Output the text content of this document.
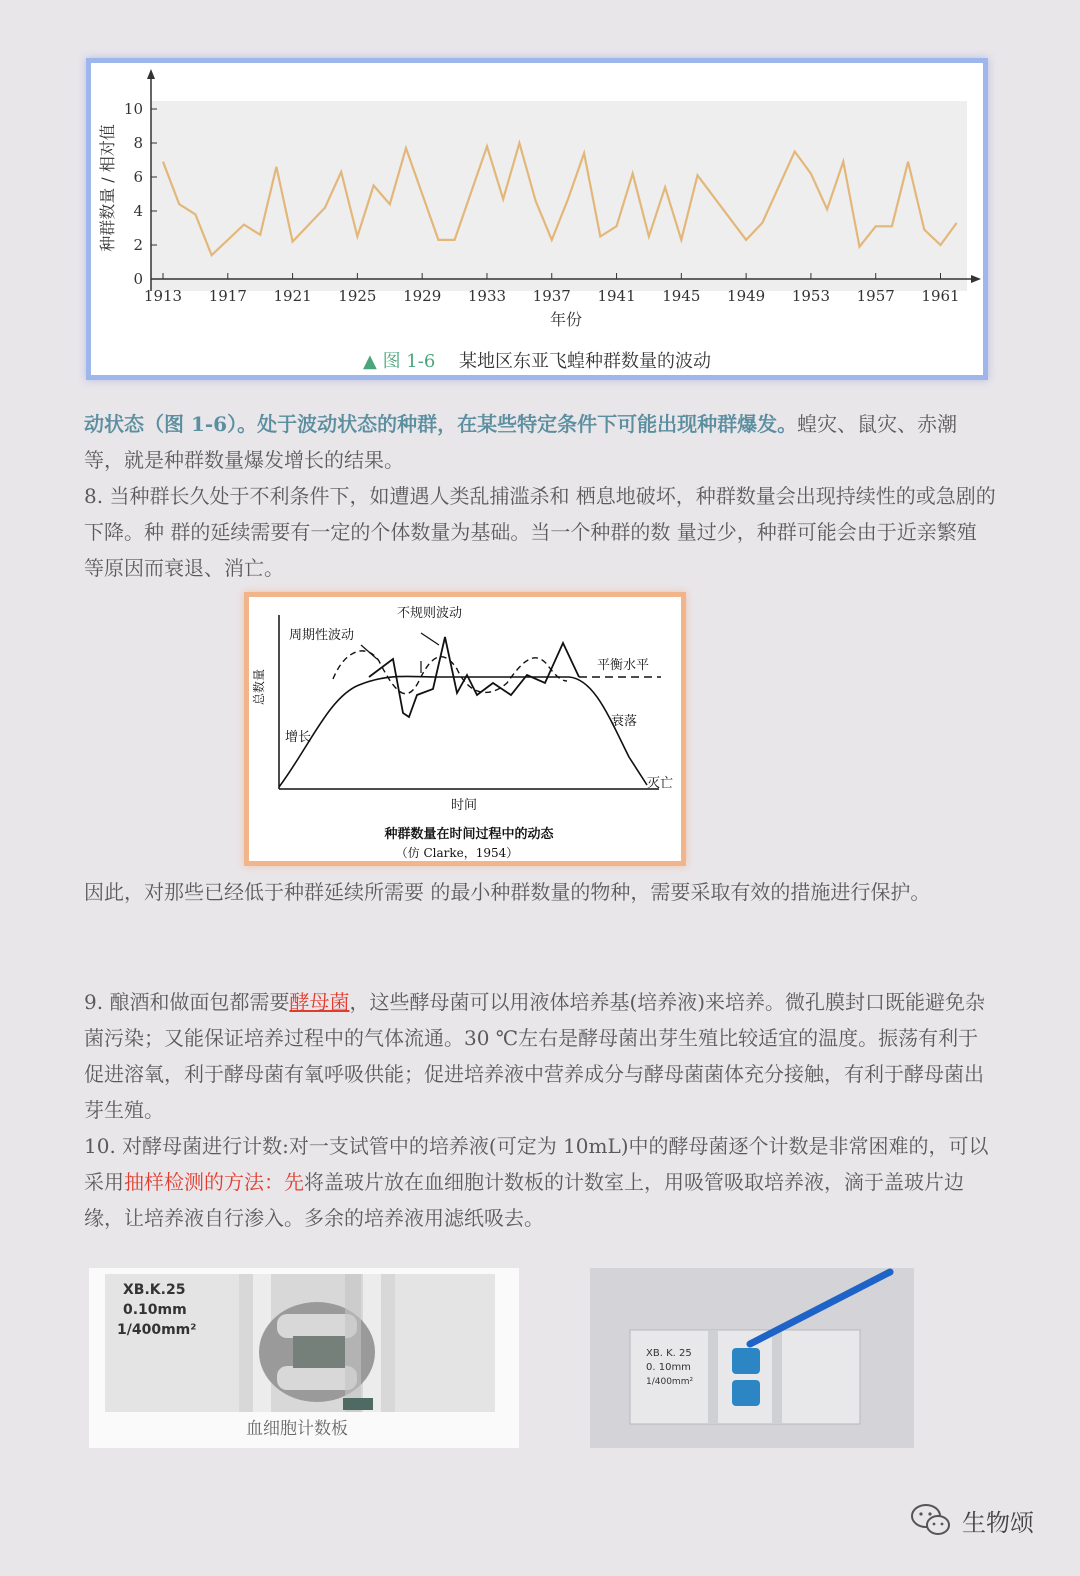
0
2
4
6
8
10
1913 1917 1921 1925 1929 1933 1937 1941 1945 1949 1953 1957 1961
种群数量 / 相对值
年份
▲ 图 1-6 某地区东亚飞蝗种群数量的波动
动状态（图 1-6）。处于波动状态的种群，在某些特定条件下可能出现种群爆发。蝗灾、鼠灾、赤潮等，就是种群数量爆发增长的结果。
8. 当种群长久处于不利条件下，如遭遇人类乱捕滥杀和 栖息地破坏，种群数量会出现持续性的或急剧的下降。种 群的延续需要有一定的个体数量为基础。当一个种群的数 量过少，种群可能会由于近亲繁殖等原因而衰退、消亡。
总数量
时间
不规则波动
周期性波动
平衡水平
增长
衰落
灭亡
种群数量在时间过程中的动态
（仿 Clarke，1954）
因此，对那些已经低于种群延续所需要 的最小种群数量的物种，需要采取有效的措施进行保护。
9. 酿酒和做面包都需要酵母菌，这些酵母菌可以用液体培养基(培养液)来培养。微孔膜封口既能避免杂菌污染；又能保证培养过程中的气体流通。30 ℃左右是酵母菌出芽生殖比较适宜的温度。振荡有利于促进溶氧，利于酵母菌有氧呼吸供能；促进培养液中营养成分与酵母菌菌体充分接触，有利于酵母菌出芽生殖。
10. 对酵母菌进行计数:对一支试管中的培养液(可定为 10mL)中的酵母菌逐个计数是非常困难的，可以采用抽样检测的方法：先将盖玻片放在血细胞计数板的计数室上，用吸管吸取培养液，滴于盖玻片边缘，让培养液自行渗入。多余的培养液用滤纸吸去。
XB.K.25
0.10mm
1/400mm²
血细胞计数板
XB. K. 25
0. 10mm
1/400mm²
生物颂
